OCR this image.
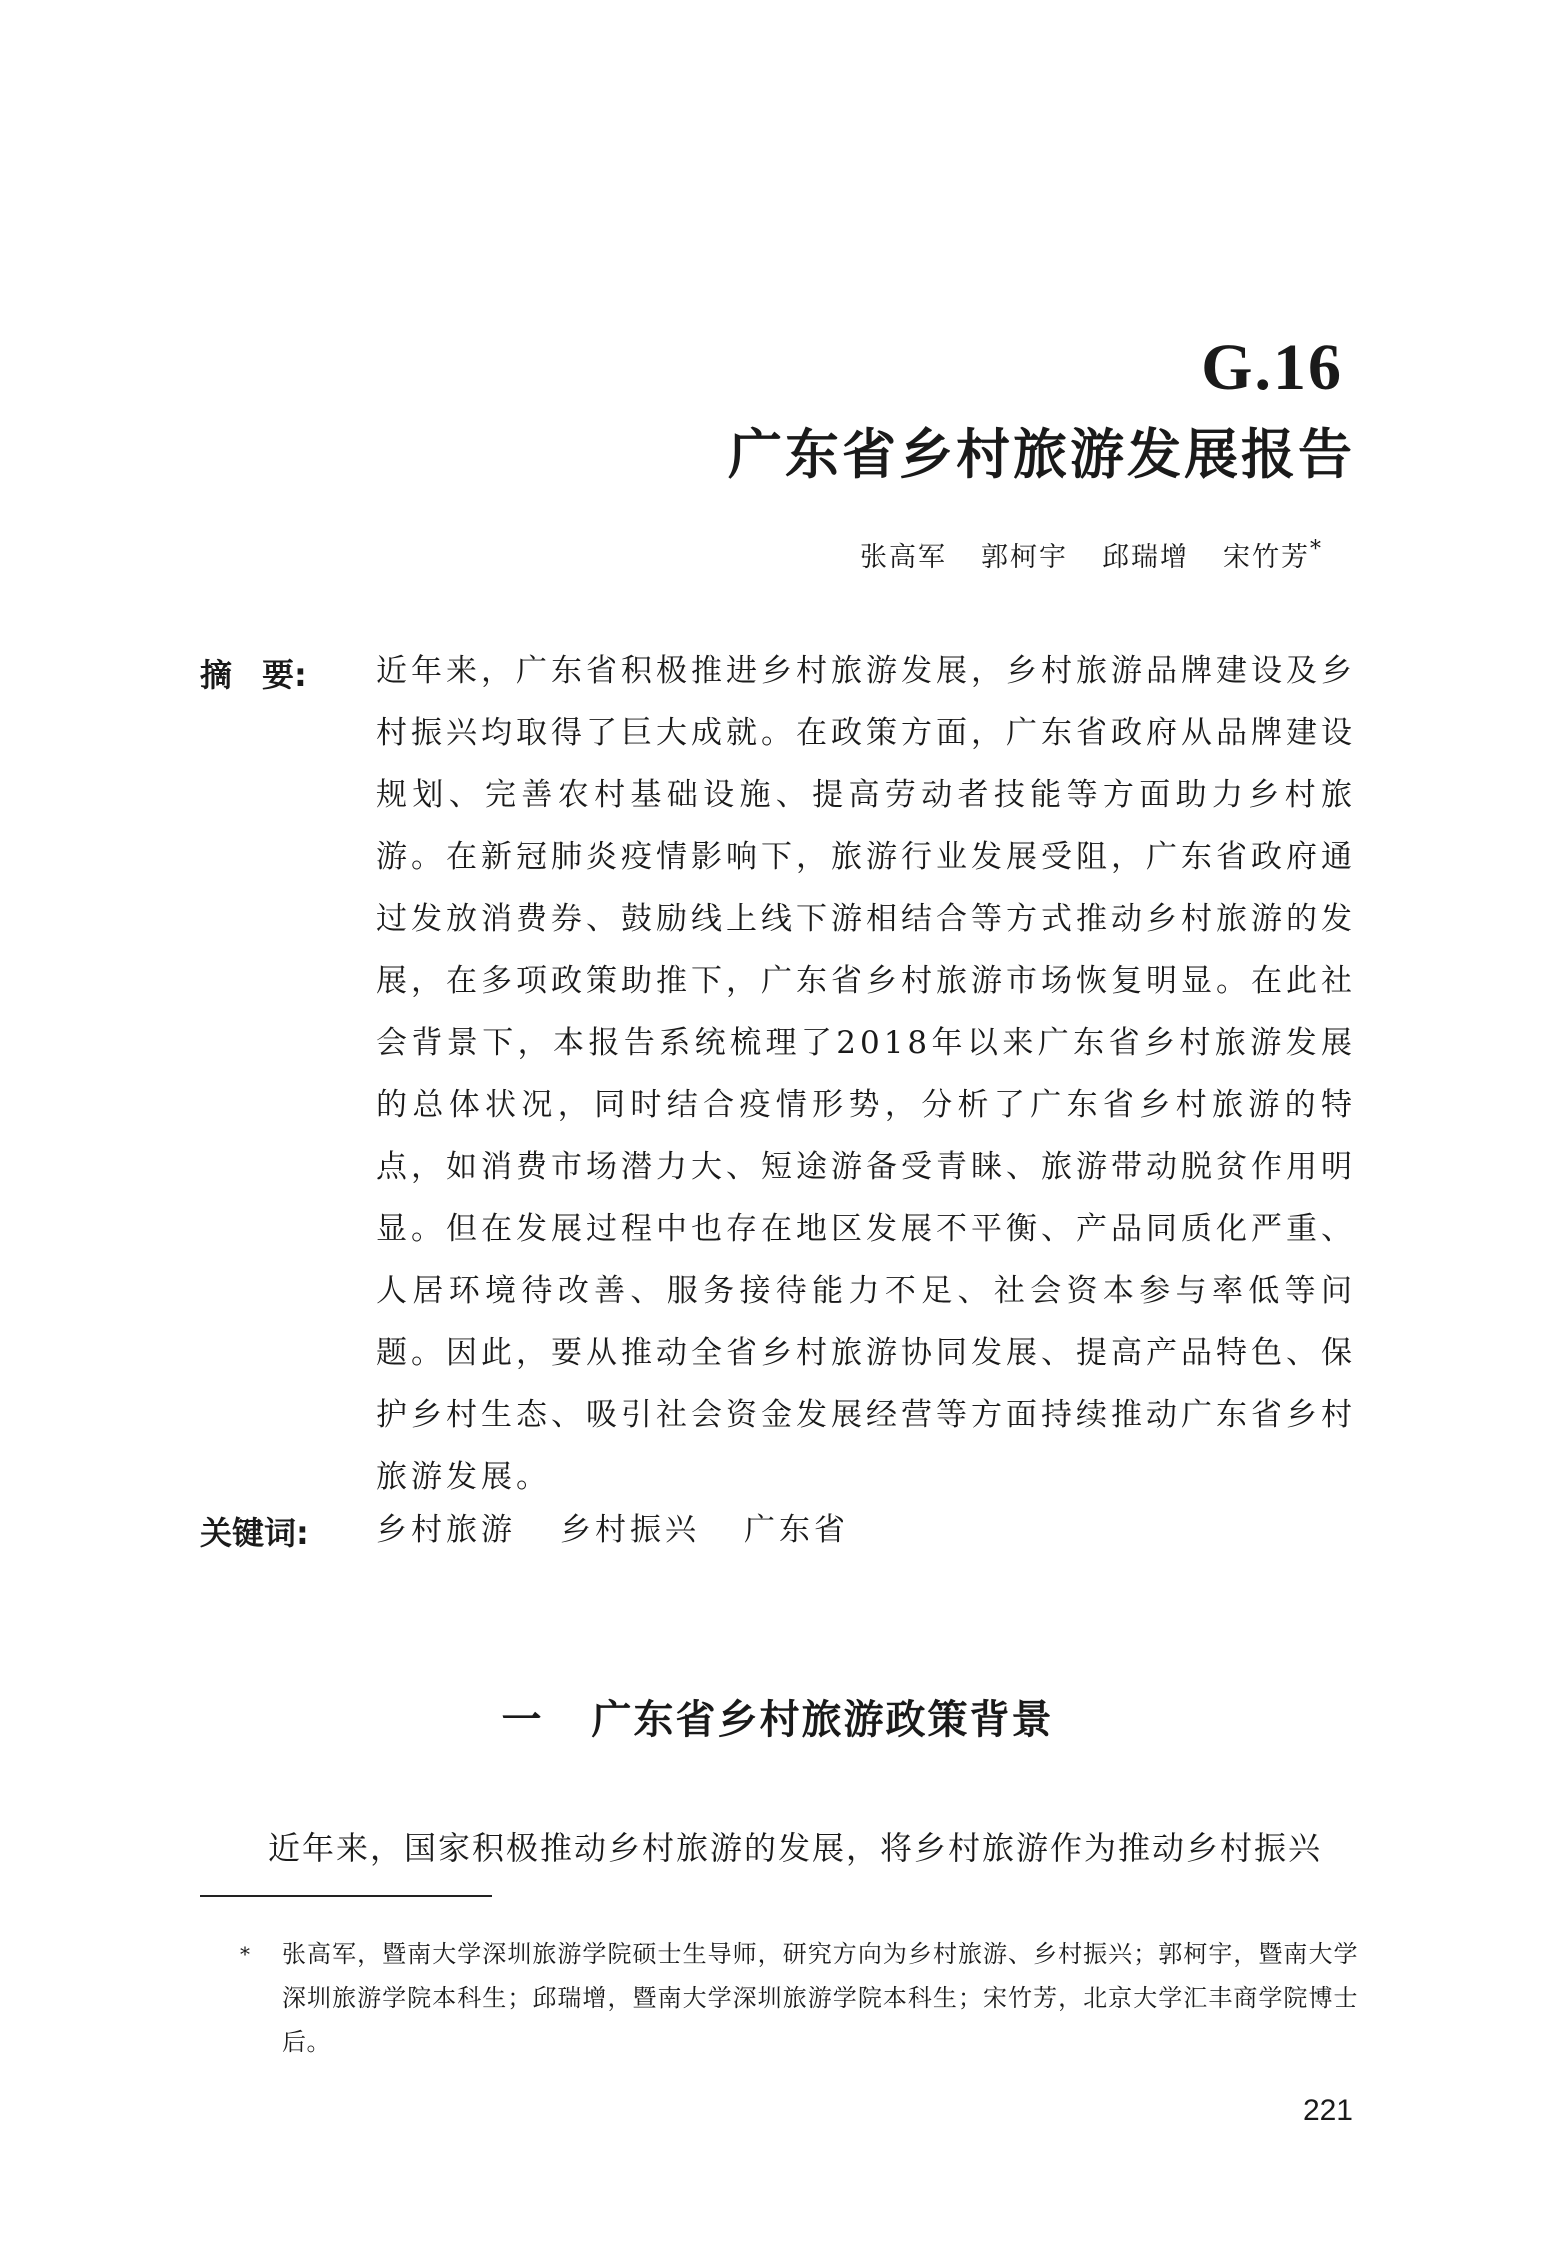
G.16
广东省乡村旅游发展报告
张高军 郭柯宇 邱瑞增 宋竹芳*
摘 要: 近年来，广东省积极推进乡村旅游发展，乡村旅游品牌建设及乡村振兴均取得了巨大成就。在政策方面，广东省政府从品牌建设规划、完善农村基础设施、提高劳动者技能等方面助力乡村旅游。在新冠肺炎疫情影响下，旅游行业发展受阻，广东省政府通过发放消费券、鼓励线上线下游相结合等方式推动乡村旅游的发展，在多项政策助推下，广东省乡村旅游市场恢复明显。在此社会背景下，本报告系统梳理了2018年以来广东省乡村旅游发展的总体状况，同时结合疫情形势，分析了广东省乡村旅游的特点，如消费市场潜力大、短途游备受青睐、旅游带动脱贫作用明显。但在发展过程中也存在地区发展不平衡、产品同质化严重、人居环境待改善、服务接待能力不足、社会资本参与率低等问题。因此，要从推动全省乡村旅游协同发展、提高产品特色、保护乡村生态、吸引社会资金发展经营等方面持续推动广东省乡村旅游发展。

关键词: 乡村旅游 乡村振兴 广东省
一 广东省乡村旅游政策背景

近年来，国家积极推动乡村旅游的发展，将乡村旅游作为推动乡村振兴

*	张高军，暨南大学深圳旅游学院硕士生导师，研究方向为乡村旅游、乡村振兴；郭柯宇，暨南大学深圳旅游学院本科生；邱瑞增，暨南大学深圳旅游学院本科生；宋竹芳，北京大学汇丰商学院博士后。
221
